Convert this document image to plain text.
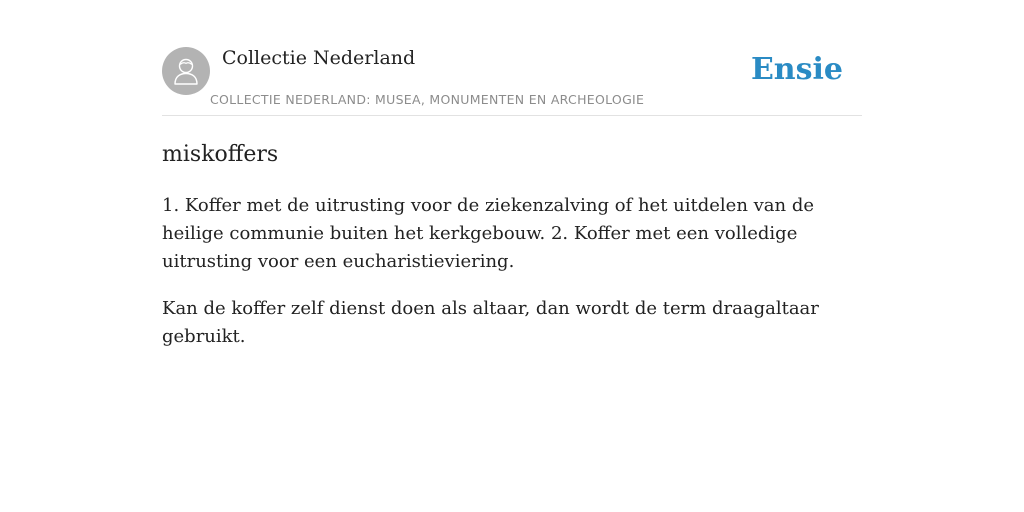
Collectie Nederland
COLLECTIE NEDERLAND: MUSEA, MONUMENTEN EN ARCHEOLOGIE
Ensie
miskoffers

1. Koffer met de uitrusting voor de ziekenzalving of het uitdelen van de heilige communie buiten het kerkgebouw. 2. Koffer met een volledige uitrusting voor een eucharistieviering.

Kan de koffer zelf dienst doen als altaar, dan wordt de term draagaltaar gebruikt.
